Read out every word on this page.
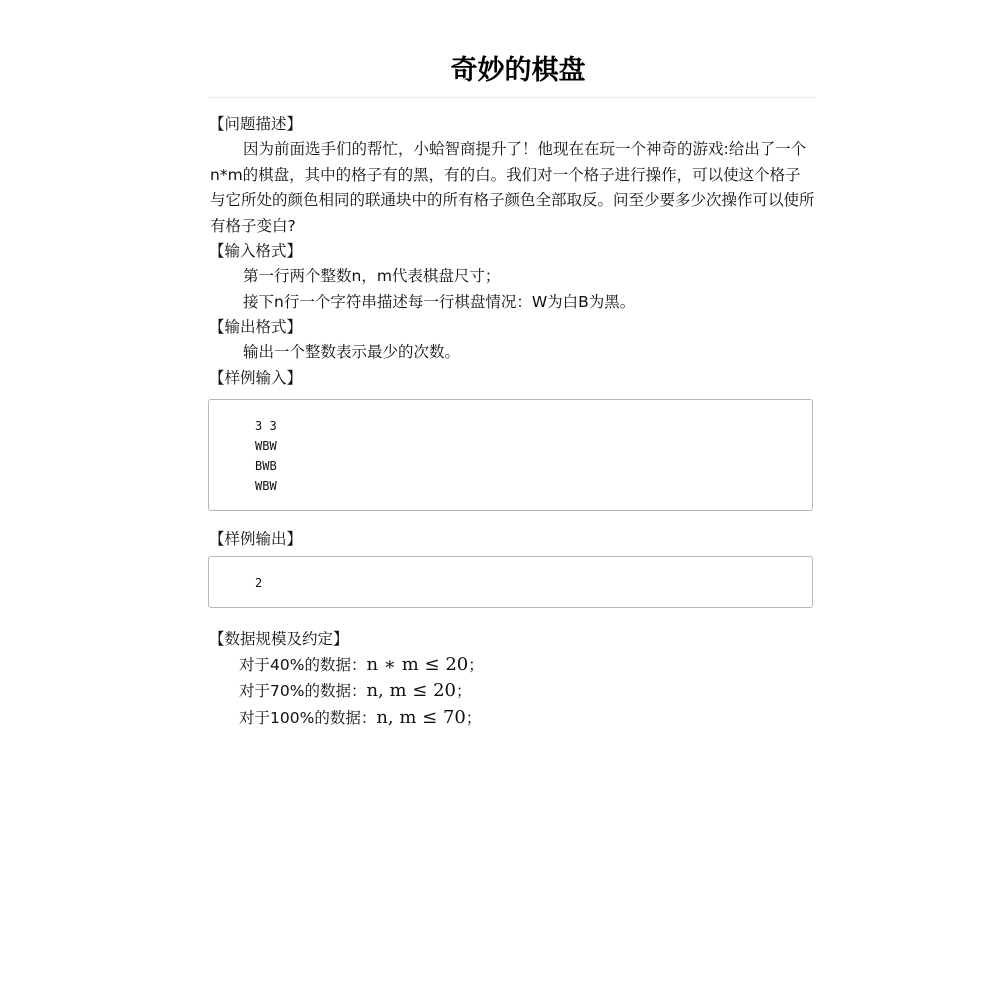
奇妙的棋盘

【问题描述】

因为前面选手们的帮忙，小蛤智商提升了！他现在在玩一个神奇的游戏:给出了一个n*m的棋盘，其中的格子有的黑，有的白。我们对一个格子进行操作，可以使这个格子与它所处的颜色相同的联通块中的所有格子颜色全部取反。问至少要多少次操作可以使所有格子变白?

【输入格式】

第一行两个整数n，m代表棋盘尺寸；

接下n行一个字符串描述每一行棋盘情况：W为白B为黑。

【输出格式】

输出一个整数表示最少的次数。

【样例输入】

3 3
WBW
BWB
WBW

【样例输出】

2

【数据规模及约定】

对于40%的数据：n ∗ m ≤ 20；

对于70%的数据：n, m ≤ 20；

对于100%的数据：n, m ≤ 70；
